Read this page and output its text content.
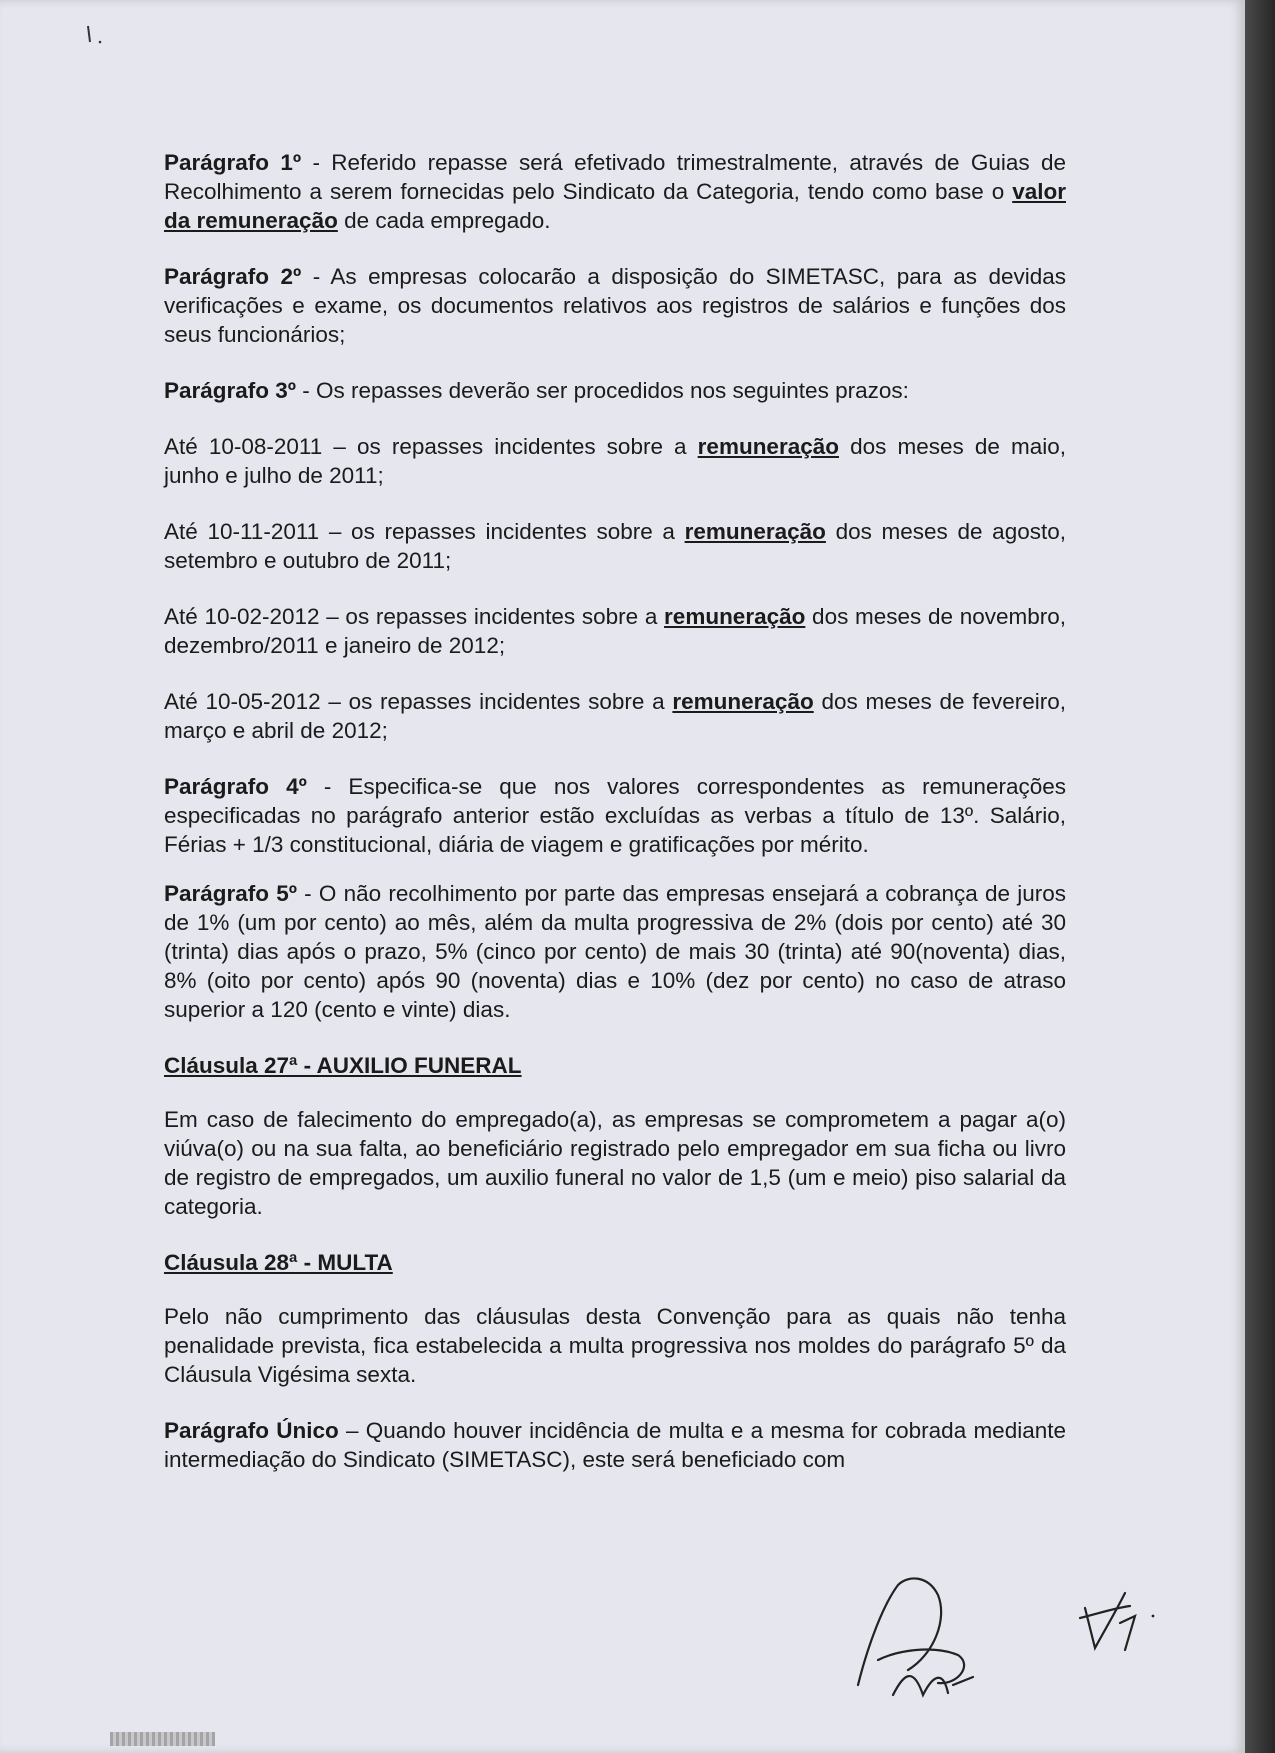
Parágrafo 1º - Referido repasse será efetivado trimestralmente, através de Guias de Recolhimento a serem fornecidas pelo Sindicato da Categoria, tendo como base o valor da remuneração de cada empregado.

Parágrafo 2º - As empresas colocarão a disposição do SIMETASC, para as devidas verificações e exame, os documentos relativos aos registros de salários e funções dos seus funcionários;

Parágrafo 3º - Os repasses deverão ser procedidos nos seguintes prazos:

Até 10-08-2011 – os repasses incidentes sobre a remuneração dos meses de maio, junho e julho de 2011;

Até 10-11-2011 – os repasses incidentes sobre a remuneração dos meses de agosto, setembro e outubro de 2011;

Até 10-02-2012 – os repasses incidentes sobre a remuneração dos meses de novembro, dezembro/2011 e janeiro de 2012;

Até 10-05-2012 – os repasses incidentes sobre a remuneração dos meses de fevereiro, março e abril de 2012;

Parágrafo 4º - Especifica-se que nos valores correspondentes as remunerações especificadas no parágrafo anterior estão excluídas as verbas a título de 13º. Salário, Férias + 1/3 constitucional, diária de viagem e gratificações por mérito.

Parágrafo 5º - O não recolhimento por parte das empresas ensejará a cobrança de juros de 1% (um por cento) ao mês, além da multa progressiva de 2% (dois por cento) até 30 (trinta) dias após o prazo, 5% (cinco por cento) de mais 30 (trinta) até 90(noventa) dias, 8% (oito por cento) após 90 (noventa) dias e 10% (dez por cento) no caso de atraso superior a 120 (cento e vinte) dias.

Cláusula 27ª - AUXILIO FUNERAL

Em caso de falecimento do empregado(a), as empresas se comprometem a pagar a(o) viúva(o) ou na sua falta, ao beneficiário registrado pelo empregador em sua ficha ou livro de registro de empregados, um auxilio funeral no valor de 1,5 (um e meio) piso salarial da categoria.

Cláusula 28ª - MULTA

Pelo não cumprimento das cláusulas desta Convenção para as quais não tenha penalidade prevista, fica estabelecida a multa progressiva nos moldes do parágrafo 5º da Cláusula Vigésima sexta.

Parágrafo Único – Quando houver incidência de multa e a mesma for cobrada mediante intermediação do Sindicato (SIMETASC), este será beneficiado com
